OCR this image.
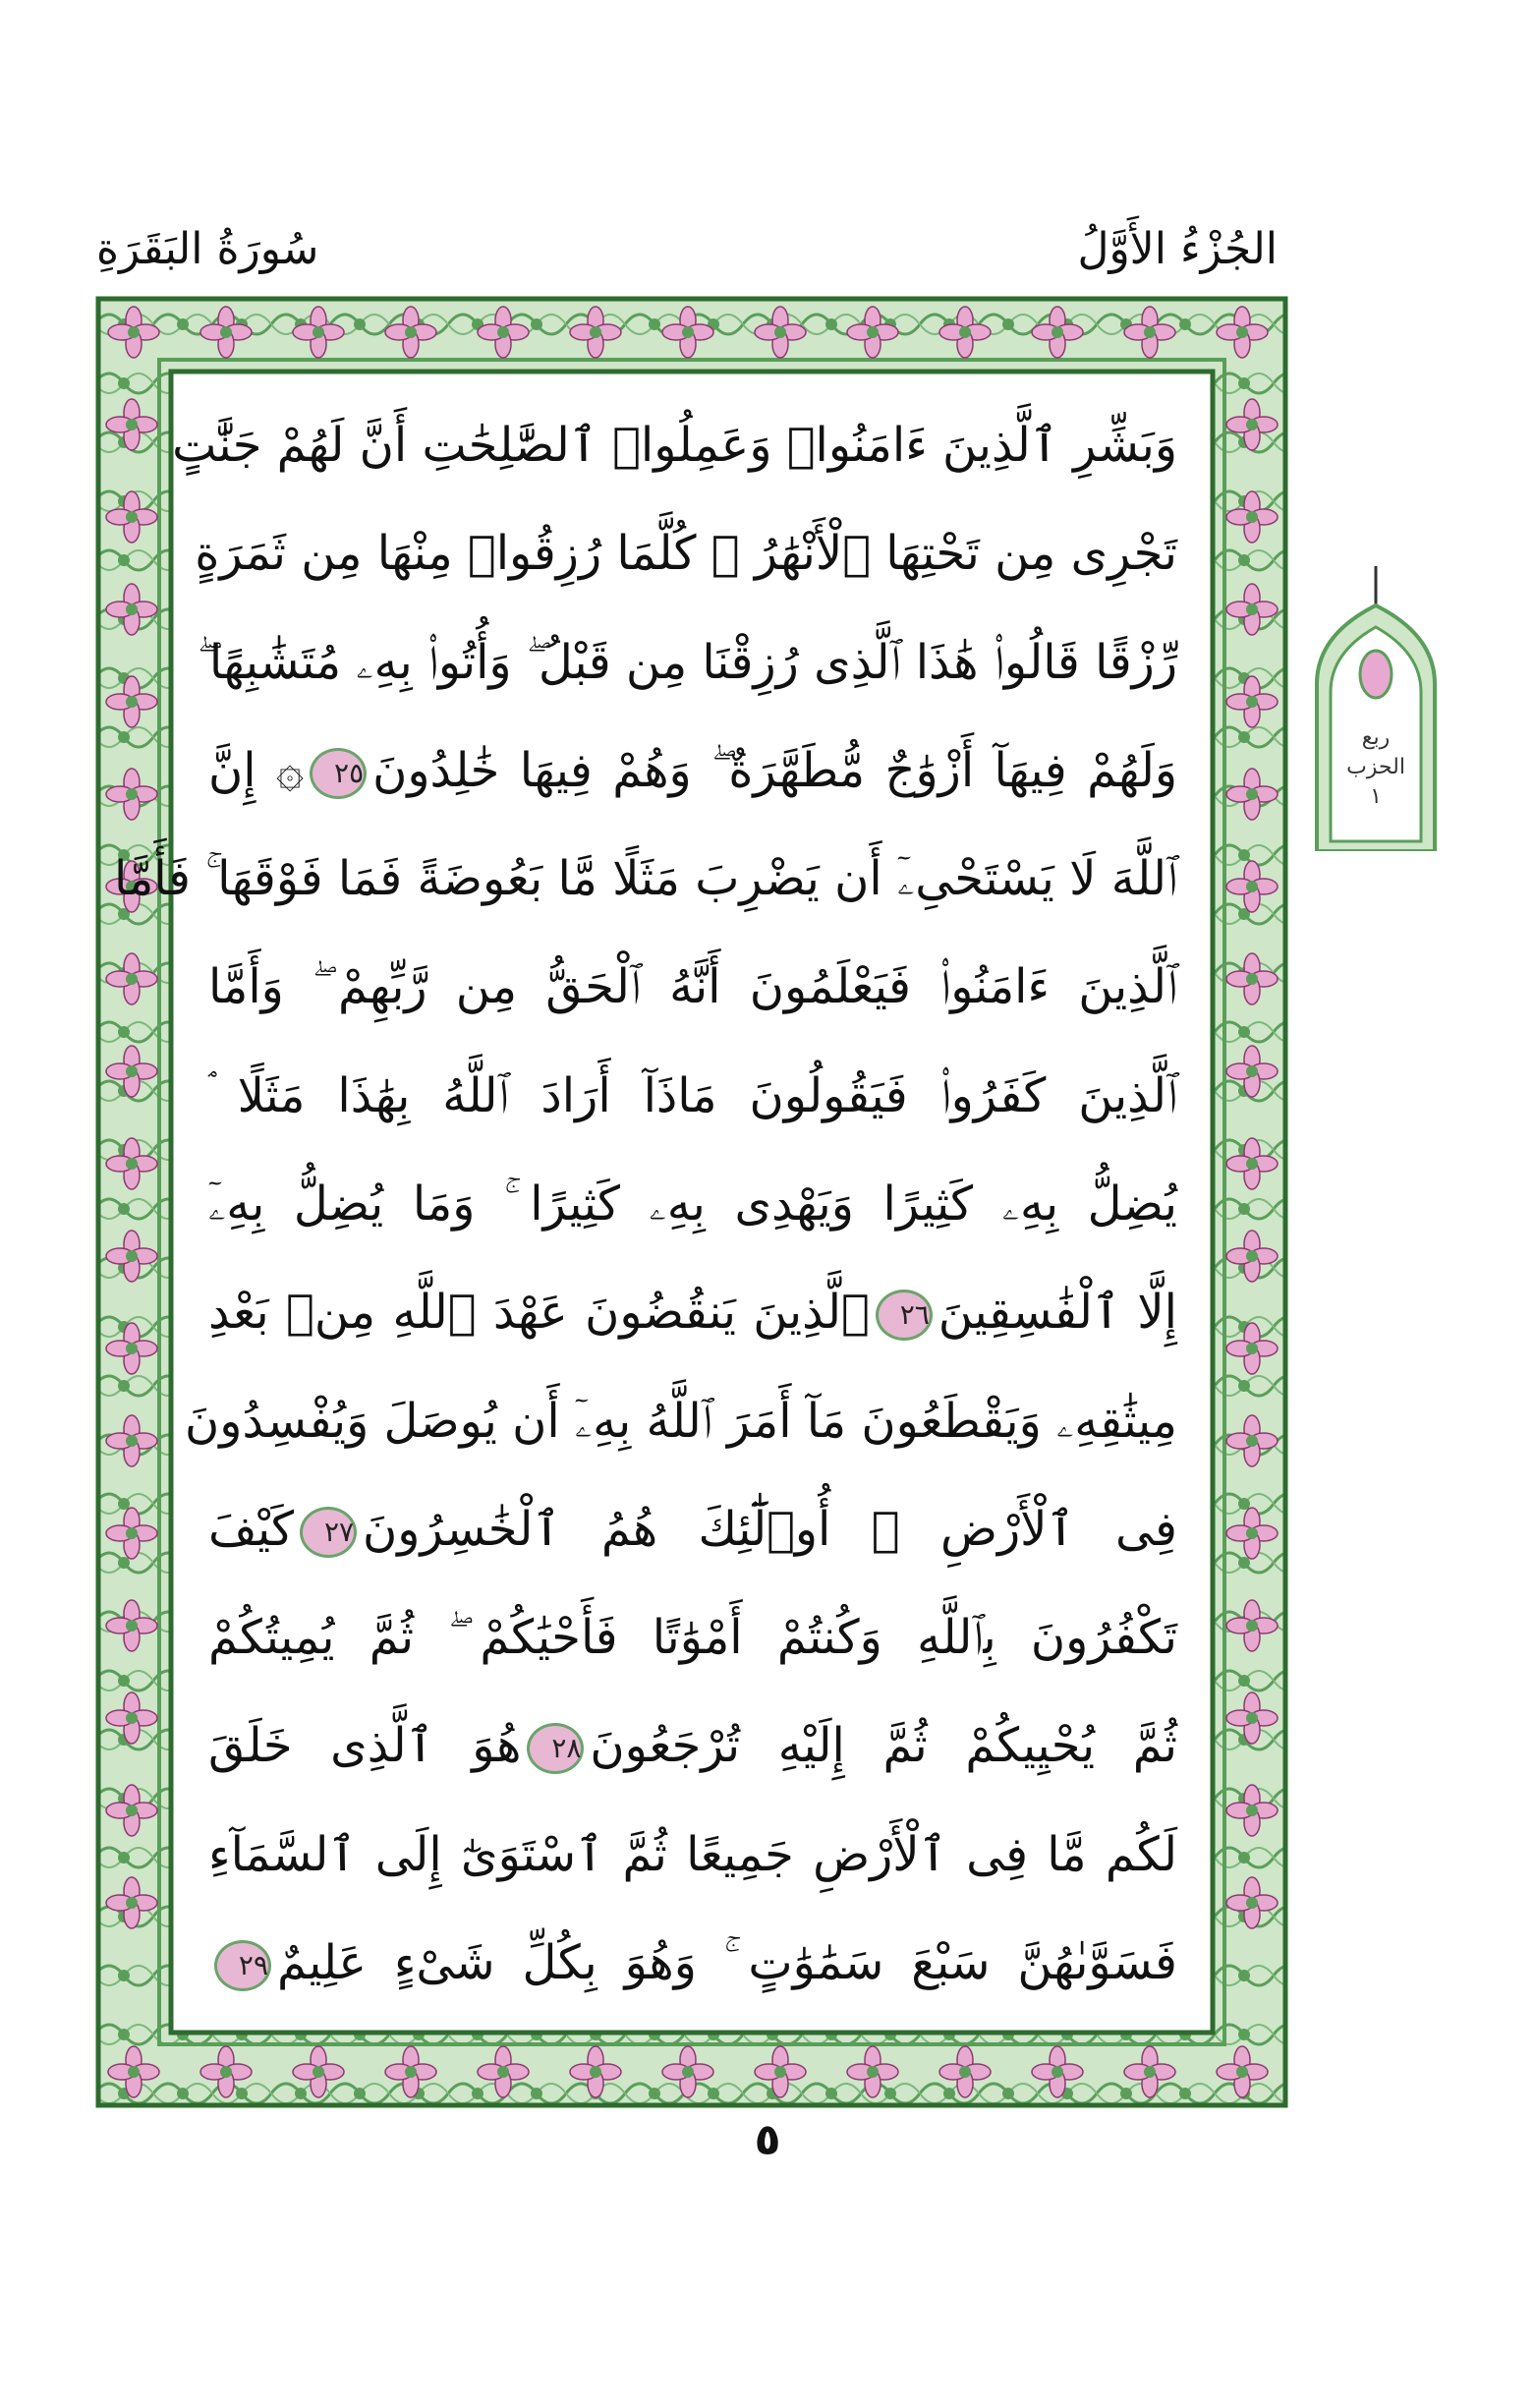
الجُزْءُ الأَوَّلُ
سُورَةُ البَقَرَةِ
وَبَشِّرِ ٱلَّذِينَ ءَامَنُوا۟ وَعَمِلُوا۟ ٱلصَّٰلِحَٰتِ أَنَّ لَهُمْ جَنَّٰتٍ
تَجْرِى مِن تَحْتِهَا ٱلْأَنْهَٰرُ ۖ كُلَّمَا رُزِقُوا۟ مِنْهَا مِن ثَمَرَةٍ
رِّزْقًا قَالُوا۟ هَٰذَا ٱلَّذِى رُزِقْنَا مِن قَبْلُ ۖ وَأُتُوا۟ بِهِۦ مُتَشَٰبِهًا ۖ
وَلَهُمْ فِيهَآ أَزْوَٰجٌ مُّطَهَّرَةٌ ۖ وَهُمْ فِيهَا خَٰلِدُونَ٢٥۞ إِنَّ
ٱللَّهَ لَا يَسْتَحْىِۦٓ أَن يَضْرِبَ مَثَلًا مَّا بَعُوضَةً فَمَا فَوْقَهَا ۚ فَأَمَّا
ٱلَّذِينَ ءَامَنُوا۟ فَيَعْلَمُونَ أَنَّهُ ٱلْحَقُّ مِن رَّبِّهِمْ ۖ وَأَمَّا
ٱلَّذِينَ كَفَرُوا۟ فَيَقُولُونَ مَاذَآ أَرَادَ ٱللَّهُ بِهَٰذَا مَثَلًا ۘ
يُضِلُّ بِهِۦ كَثِيرًا وَيَهْدِى بِهِۦ كَثِيرًا ۚ وَمَا يُضِلُّ بِهِۦٓ
إِلَّا ٱلْفَٰسِقِينَ٢٦ٱلَّذِينَ يَنقُضُونَ عَهْدَ ٱللَّهِ مِنۢ بَعْدِ
مِيثَٰقِهِۦ وَيَقْطَعُونَ مَآ أَمَرَ ٱللَّهُ بِهِۦٓ أَن يُوصَلَ وَيُفْسِدُونَ
فِى ٱلْأَرْضِ ۚ أُو۟لَٰٓئِكَ هُمُ ٱلْخَٰسِرُونَ٢٧كَيْفَ
تَكْفُرُونَ بِٱللَّهِ وَكُنتُمْ أَمْوَٰتًا فَأَحْيَٰكُمْ ۖ ثُمَّ يُمِيتُكُمْ
ثُمَّ يُحْيِيكُمْ ثُمَّ إِلَيْهِ تُرْجَعُونَ٢٨هُوَ ٱلَّذِى خَلَقَ
لَكُم مَّا فِى ٱلْأَرْضِ جَمِيعًا ثُمَّ ٱسْتَوَىٰٓ إِلَى ٱلسَّمَآءِ
فَسَوَّىٰهُنَّ سَبْعَ سَمَٰوَٰتٍ ۚ وَهُوَ بِكُلِّ شَىْءٍ عَلِيمٌ٢٩
ربع
الحزب
١
٥
